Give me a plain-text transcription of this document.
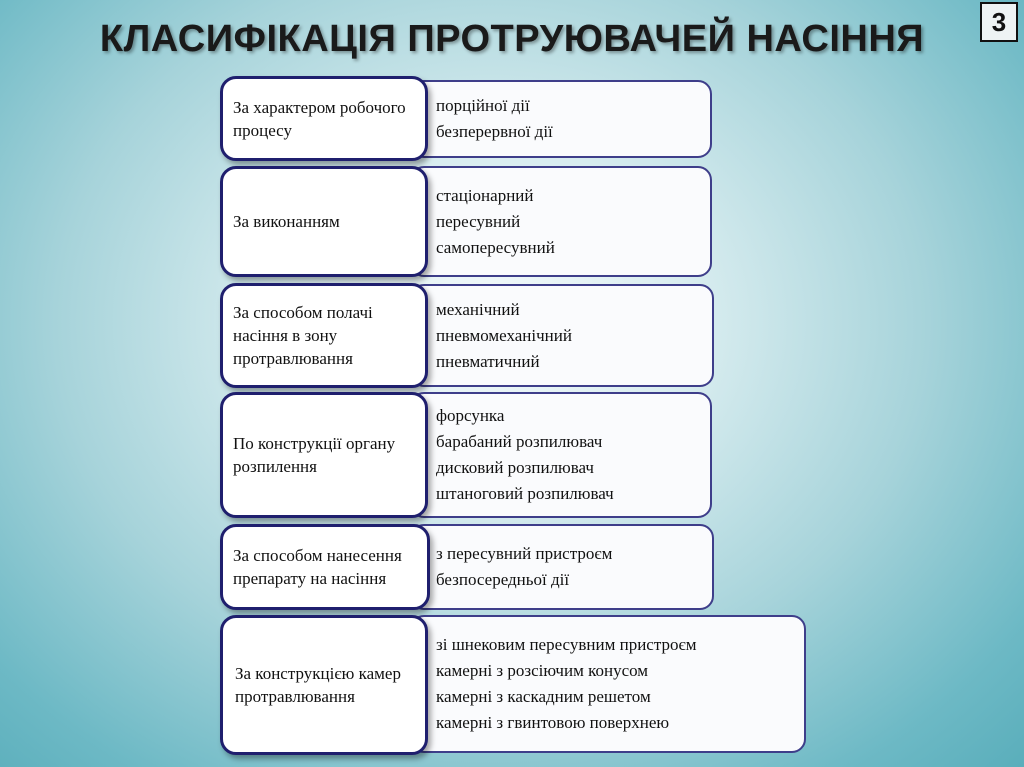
КЛАСИФІКАЦІЯ ПРОТРУЮВАЧЕЙ НАСІННЯ	3
порційної дії
безперервної дії
За характером робочого процесу
стаціонарний
пересувний
самопересувний
За виконанням
механічний
пневмомеханічний
пневматичний
За способом полачі насіння в зону протравлювання
форсунка
барабаний розпилювач
дисковий розпилювач
штаноговий розпилювач
По конструкції органу розпилення
з пересувний пристроєм
безпосередньої дії
За способом нанесення препарату на насіння
зі шнековим пересувним пристроєм
камерні з розсіючим конусом
камерні з каскадним решетом
камерні з гвинтовою поверхнею
За конструкцією камер протравлювання
